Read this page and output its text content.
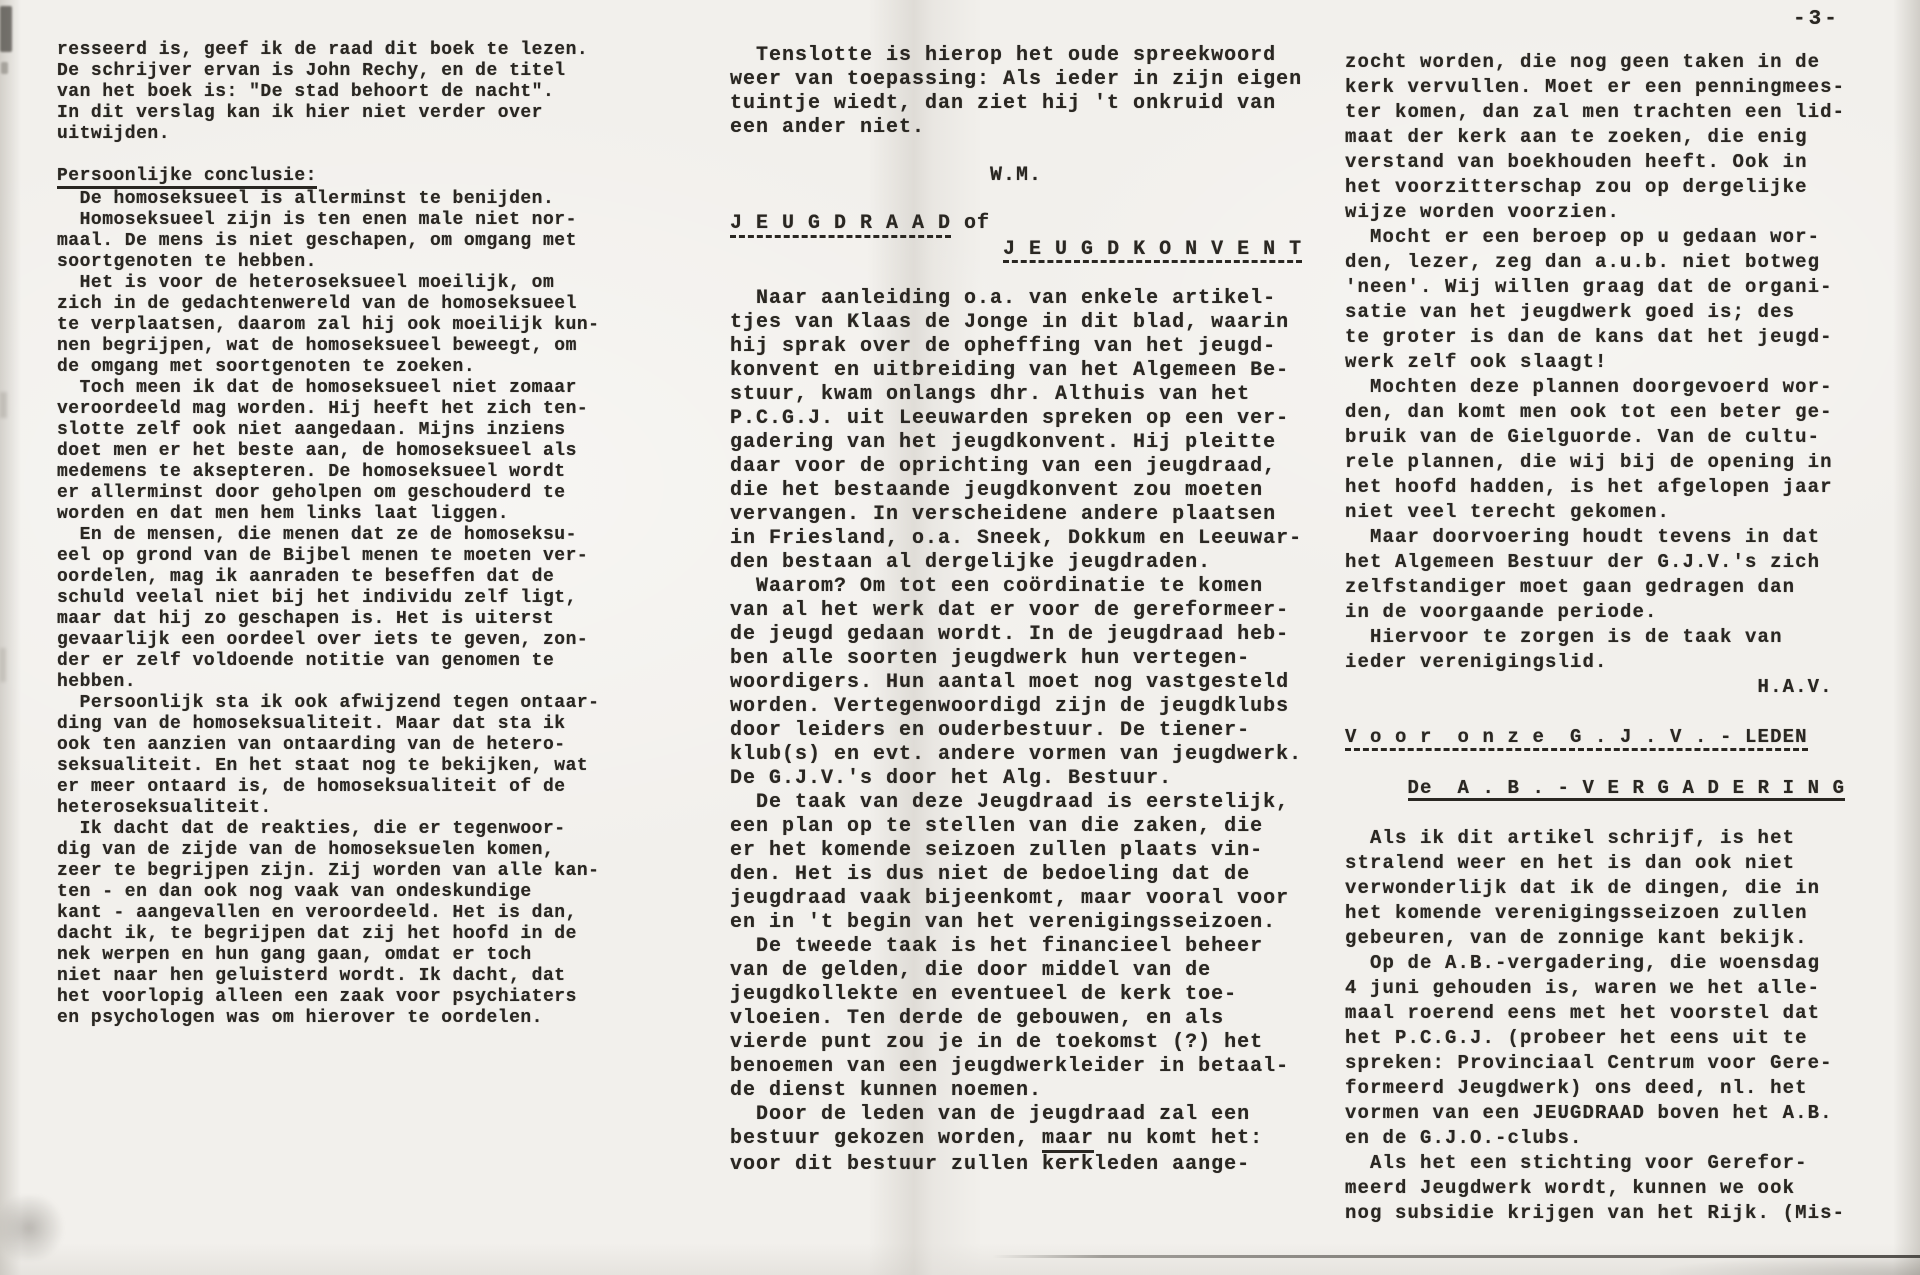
-3-
resseerd is, geef ik de raad dit boek te lezen.
De schrijver ervan is John Rechy, en de titel
van het boek is: "De stad behoort de nacht".
In dit verslag kan ik hier niet verder over
uitwijden.

Persoonlijke conclusie:
De homoseksueel is allerminst te benijden.
Homoseksueel zijn is ten enen male niet nor-
maal. De mens is niet geschapen, om omgang met
soortgenoten te hebben.
Het is voor de heteroseksueel moeilijk, om
zich in de gedachtenwereld van de homoseksueel
te verplaatsen, daarom zal hij ook moeilijk kun-
nen begrijpen, wat de homoseksueel beweegt, om
de omgang met soortgenoten te zoeken.
Toch meen ik dat de homoseksueel niet zomaar
veroordeeld mag worden. Hij heeft het zich ten-
slotte zelf ook niet aangedaan. Mijns inziens
doet men er het beste aan, de homoseksueel als
medemens te aksepteren. De homoseksueel wordt
er allerminst door geholpen om geschouderd te
worden en dat men hem links laat liggen.
En de mensen, die menen dat ze de homoseksu-
eel op grond van de Bijbel menen te moeten ver-
oordelen, mag ik aanraden te beseffen dat de
schuld veelal niet bij het individu zelf ligt,
maar dat hij zo geschapen is. Het is uiterst
gevaarlijk een oordeel over iets te geven, zon-
der er zelf voldoende notitie van genomen te
hebben.
Persoonlijk sta ik ook afwijzend tegen ontaar-
ding van de homoseksualiteit. Maar dat sta ik
ook ten aanzien van ontaarding van de hetero-
seksualiteit. En het staat nog te bekijken, wat
er meer ontaard is, de homoseksualiteit of de
heteroseksualiteit.
Ik dacht dat de reakties, die er tegenwoor-
dig van de zijde van de homoseksuelen komen,
zeer te begrijpen zijn. Zij worden van alle kan-
ten - en dan ook nog vaak van ondeskundige
kant - aangevallen en veroordeeld. Het is dan,
dacht ik, te begrijpen dat zij het hoofd in de
nek werpen en hun gang gaan, omdat er toch
niet naar hen geluisterd wordt. Ik dacht, dat
het voorlopig alleen een zaak voor psychiaters
en psychologen was om hierover te oordelen.
Tenslotte is hierop het oude spreekwoord
weer van toepassing: Als ieder in zijn eigen
tuintje wiedt, dan ziet hij 't onkruid van
een ander niet.

W.M.

J E U G D R A A D of
J E U G D K O N V E N T

Naar aanleiding o.a. van enkele artikel-
tjes van Klaas de Jonge in dit blad, waarin
hij sprak over de opheffing van het jeugd-
konvent en uitbreiding van het Algemeen Be-
stuur, kwam onlangs dhr. Althuis van het
P.C.G.J. uit Leeuwarden spreken op een ver-
gadering van het jeugdkonvent. Hij pleitte
daar voor de oprichting van een jeugdraad,
die het bestaande jeugdkonvent zou moeten
vervangen. In verscheidene andere plaatsen
in Friesland, o.a. Sneek, Dokkum en Leeuwar-
den bestaan al dergelijke jeugdraden.
Waarom? Om tot een coördinatie te komen
van al het werk dat er voor de gereformeer-
de jeugd gedaan wordt. In de jeugdraad heb-
ben alle soorten jeugdwerk hun vertegen-
woordigers. Hun aantal moet nog vastgesteld
worden. Vertegenwoordigd zijn de jeugdklubs
door leiders en ouderbestuur. De tiener-
klub(s) en evt. andere vormen van jeugdwerk.
De G.J.V.'s door het Alg. Bestuur.
De taak van deze Jeugdraad is eerstelijk,
een plan op te stellen van die zaken, die
er het komende seizoen zullen plaats vin-
den. Het is dus niet de bedoeling dat de
jeugdraad vaak bijeenkomt, maar vooral voor
en in 't begin van het verenigingsseizoen.
De tweede taak is het financieel beheer
van de gelden, die door middel van de
jeugdkollekte en eventueel de kerk toe-
vloeien. Ten derde de gebouwen, en als
vierde punt zou je in de toekomst (?) het
benoemen van een jeugdwerkleider in betaal-
de dienst kunnen noemen.
Door de leden van de jeugdraad zal een
bestuur gekozen worden, maar nu komt het:
voor dit bestuur zullen kerkleden aange-
zocht worden, die nog geen taken in de
kerk vervullen. Moet er een penningmees-
ter komen, dan zal men trachten een lid-
maat der kerk aan te zoeken, die enig
verstand van boekhouden heeft. Ook in
het voorzitterschap zou op dergelijke
wijze worden voorzien.
Mocht er een beroep op u gedaan wor-
den, lezer, zeg dan a.u.b. niet botweg
'neen'. Wij willen graag dat de organi-
satie van het jeugdwerk goed is; des
te groter is dan de kans dat het jeugd-
werk zelf ook slaagt!
Mochten deze plannen doorgevoerd wor-
den, dan komt men ook tot een beter ge-
bruik van de Gielguorde. Van de cultu-
rele plannen, die wij bij de opening in
het hoofd hadden, is het afgelopen jaar
niet veel terecht gekomen.
Maar doorvoering houdt tevens in dat
het Algemeen Bestuur der G.J.V.'s zich
zelfstandiger moet gaan gedragen dan
in de voorgaande periode.
Hiervoor te zorgen is de taak van
ieder verenigingslid.
H.A.V.

V o o r  o n z e  G . J . V . - LEDEN

De  A . B . - V E R G A D E R I N G

Als ik dit artikel schrijf, is het
stralend weer en het is dan ook niet
verwonderlijk dat ik de dingen, die in
het komende verenigingsseizoen zullen
gebeuren, van de zonnige kant bekijk.
Op de A.B.-vergadering, die woensdag
4 juni gehouden is, waren we het alle-
maal roerend eens met het voorstel dat
het P.C.G.J. (probeer het eens uit te
spreken: Provinciaal Centrum voor Gere-
formeerd Jeugdwerk) ons deed, nl. het
vormen van een JEUGDRAAD boven het A.B.
en de G.J.O.-clubs.
Als het een stichting voor Gerefor-
meerd Jeugdwerk wordt, kunnen we ook
nog subsidie krijgen van het Rijk. (Mis-
